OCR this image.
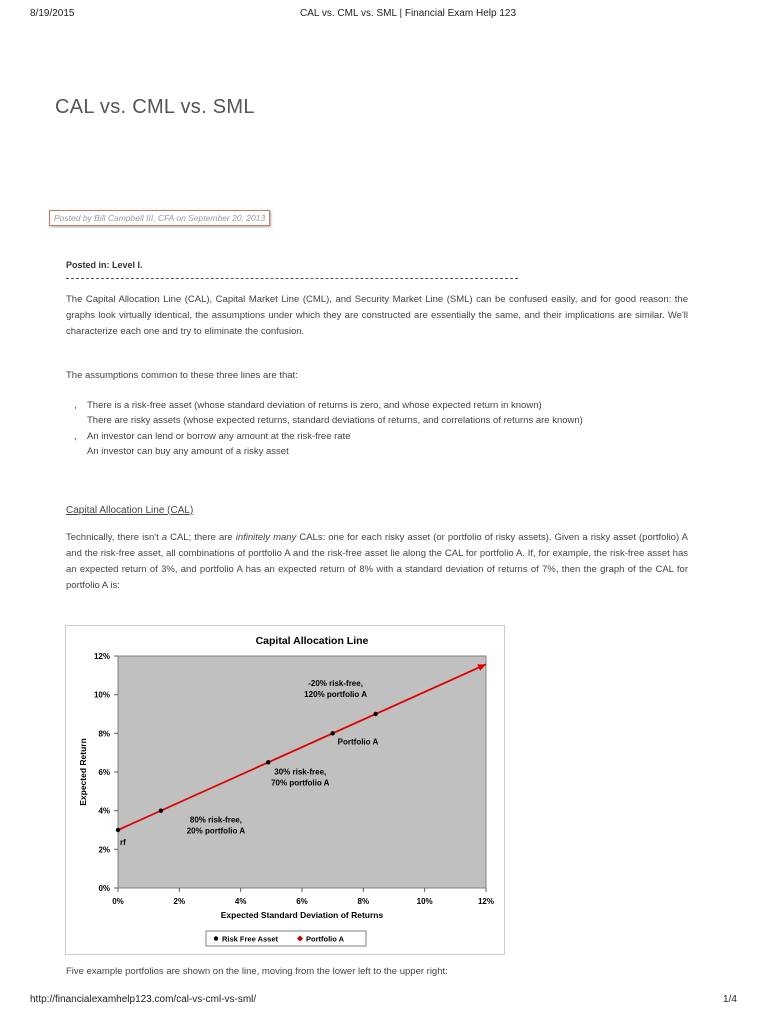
8/19/2015	CAL vs. CML vs. SML | Financial Exam Help 123
CAL vs. CML vs. SML
Posted by Bill Campbell III, CFA on September 20, 2013
Posted in: Level I.
The Capital Allocation Line (CAL), Capital Market Line (CML), and Security Market Line (SML) can be confused easily, and for good reason: the graphs look virtually identical, the assumptions under which they are constructed are essentially the same, and their implications are similar. We'll characterize each one and try to eliminate the confusion.
The assumptions common to these three lines are that:
, There is a risk-free asset (whose standard deviation of returns is zero, and whose expected return in known)
There are risky assets (whose expected returns, standard deviations of returns, and correlations of returns are known)
, An investor can lend or borrow any amount at the risk-free rate
An investor can buy any amount of a risky asset
Capital Allocation Line (CAL)
Technically, there isn't a CAL; there are infinitely many CALs: one for each risky asset (or portfolio of risky assets). Given a risky asset (portfolio) A and the risk-free asset, all combinations of portfolio A and the risk-free asset lie along the CAL for portfolio A. If, for example, the risk-free asset has an expected return of 3%, and portfolio A has an expected return of 8% with a standard deviation of returns of 7%, then the graph of the CAL for portfolio A is:
Capital Allocation Line
0%
2%
4%
6%
8%
10%
12%
0%	2%	4%	6%	8%	10%	12%
Expected Standard Deviation of Returns
Expected Return
rf
80% risk-free,
20% portfolio A
30% risk-free,
70% portfolio A
Portfolio A
-20% risk-free,
120% portfolio A
Risk Free Asset	Portfolio A
Five example portfolios are shown on the line, moving from the lower left to the upper right:
http://financialexamhelp123.com/cal-vs-cml-vs-sml/	1/4
